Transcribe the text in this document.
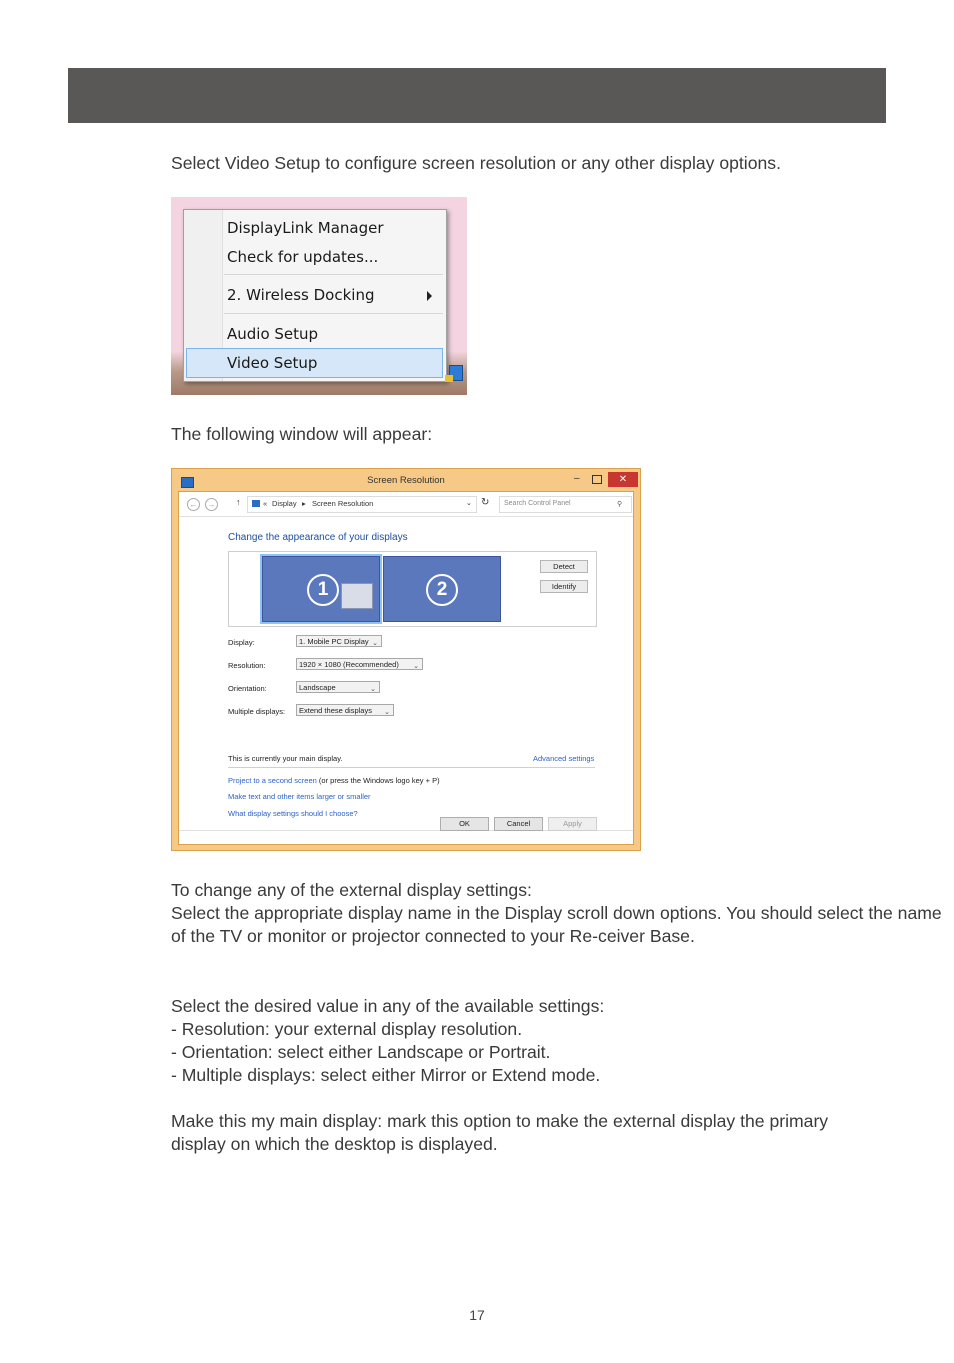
Select Video Setup to configure screen resolution or any other display options.

DisplayLink Manager
Check for updates...
2. Wireless Docking
Audio Setup
Video Setup

The following window will appear:

Screen Resolution	–	✕
←	→ ↑	« Display ▸ Screen Resolution	⌄ ↻ Search Control Panel	⚲
Change the appearance of your displays
1	2
Detect
Identify
Display:	1. Mobile PC Display ⌄
Resolution:	1920 × 1080 (Recommended) ⌄
Orientation:	Landscape	⌄
Multiple displays:	Extend these displays ⌄
This is currently your main display.	Advanced settings
Project to a second screen (or press the Windows logo key + P)
Make text and other items larger or smaller
What display settings should I choose?
OK	Cancel	Apply

To change any of the external display settings:
Select the appropriate display name in the Display scroll down options. You should select the name of the TV or monitor or projector connected to your Re-ceiver Base.

Select the desired value in any of the available settings:
- Resolution: your external display resolution.
- Orientation: select either Landscape or Portrait.
- Multiple displays: select either Mirror or Extend mode.

Make this my main display: mark this option to make the external display the primary display on which the desktop is displayed.

17
